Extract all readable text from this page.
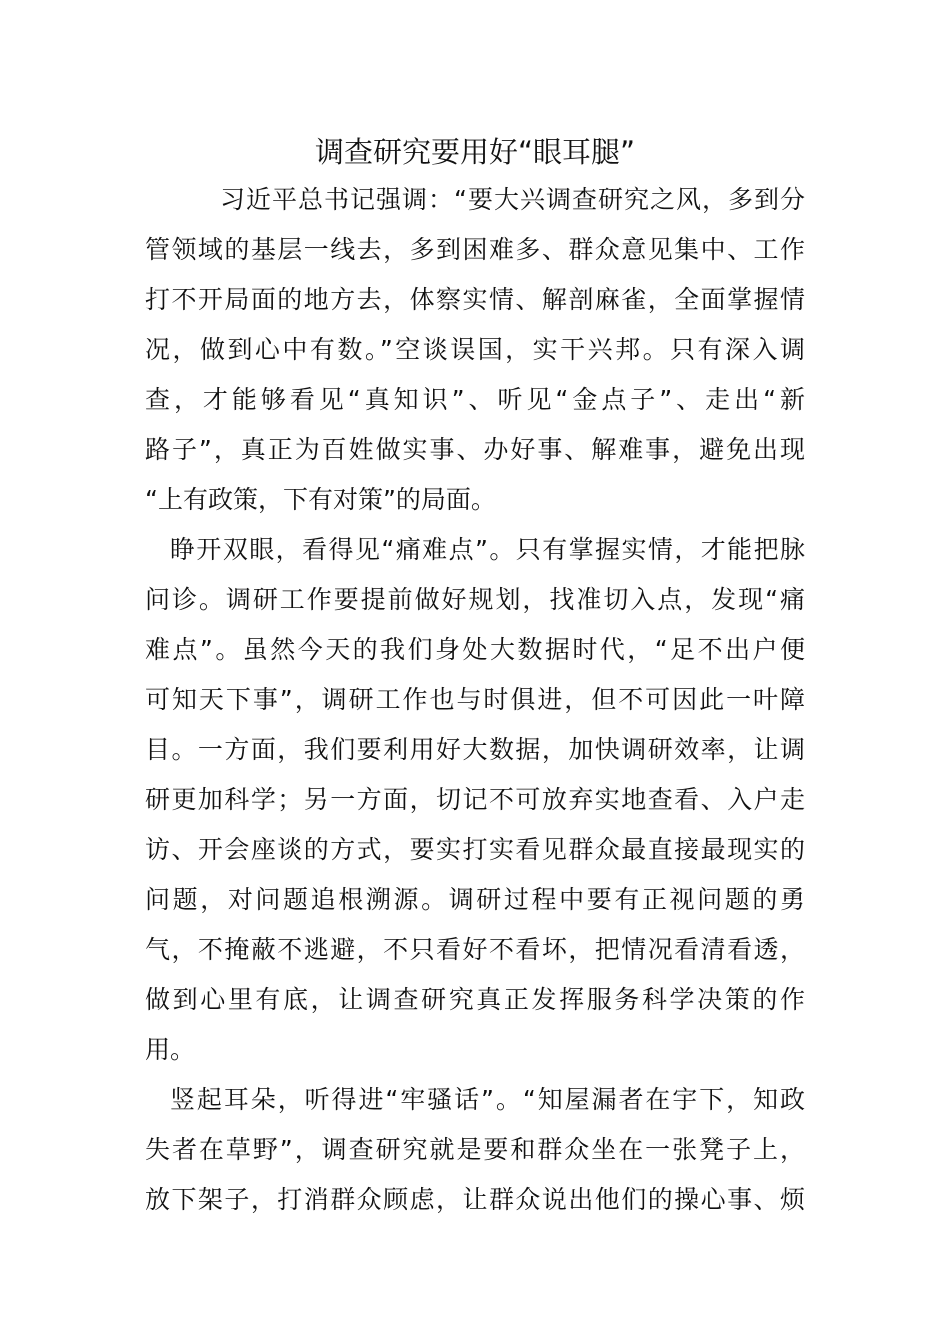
调查研究要用好“眼耳腿”
习近平总书记强调：“要大兴调查研究之风，多到分
管领域的基层一线去，多到困难多、群众意见集中、工作
打不开局面的地方去，体察实情、解剖麻雀，全面掌握情
况，做到心中有数。”空谈误国，实干兴邦。只有深入调
查，才能够看见“真知识”、听见“金点子”、走出“新
路子”，真正为百姓做实事、办好事、解难事，避免出现
“上有政策，下有对策”的局面。
睁开双眼，看得见“痛难点”。只有掌握实情，才能把脉
问诊。调研工作要提前做好规划，找准切入点，发现“痛
难点”。虽然今天的我们身处大数据时代，“足不出户便
可知天下事”，调研工作也与时俱进，但不可因此一叶障
目。一方面，我们要利用好大数据，加快调研效率，让调
研更加科学；另一方面，切记不可放弃实地查看、入户走
访、开会座谈的方式，要实打实看见群众最直接最现实的
问题，对问题追根溯源。调研过程中要有正视问题的勇
气，不掩蔽不逃避，不只看好不看坏，把情况看清看透，
做到心里有底，让调查研究真正发挥服务科学决策的作
用。
竖起耳朵，听得进“牢骚话”。“知屋漏者在宇下，知政
失者在草野”，调查研究就是要和群众坐在一张凳子上，
放下架子，打消群众顾虑，让群众说出他们的操心事、烦
